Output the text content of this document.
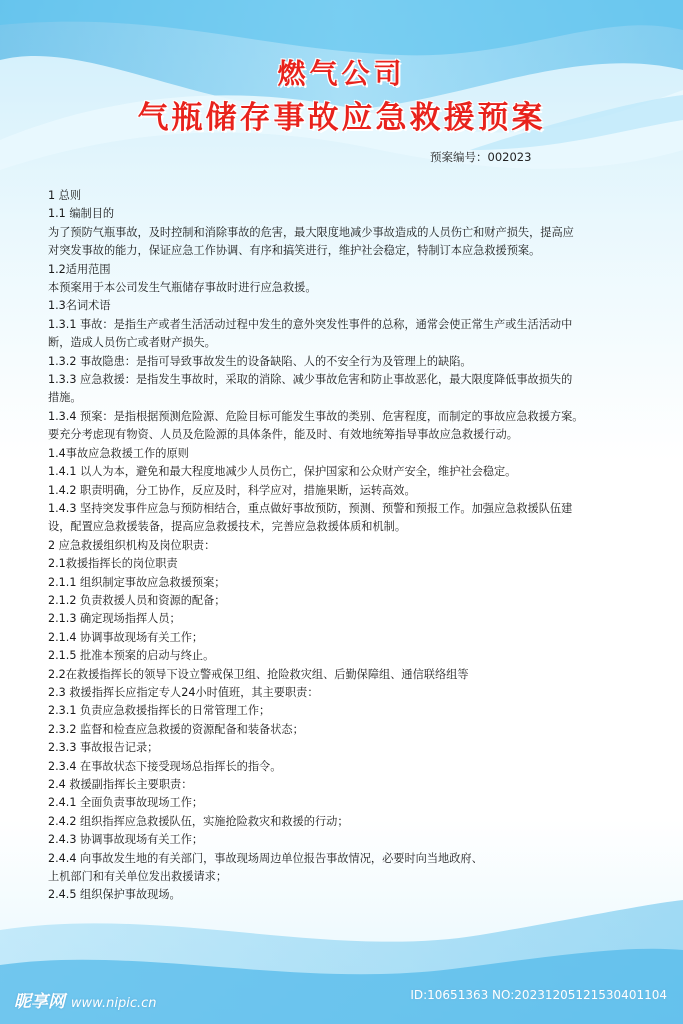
燃气公司
气瓶储存事故应急救援预案
预案编号：002023

1 总则

1.1 编制目的

为了预防气瓶事故，及时控制和消除事故的危害，最大限度地减少事故造成的人员伤亡和财产损失，提高应

对突发事故的能力，保证应急工作协调、有序和搞笑进行，维护社会稳定，特制订本应急救援预案。

1.2适用范围

本预案用于本公司发生气瓶储存事故时进行应急救援。

1.3名词术语

1.3.1 事故：是指生产或者生活活动过程中发生的意外突发性事件的总称，通常会使正常生产或生活活动中

断，造成人员伤亡或者财产损失。

1.3.2 事故隐患：是指可导致事故发生的设备缺陷、人的不安全行为及管理上的缺陷。

1.3.3 应急救援：是指发生事故时，采取的消除、减少事故危害和防止事故恶化，最大限度降低事故损失的

措施。

1.3.4 预案：是指根据预测危险源、危险目标可能发生事故的类别、危害程度，而制定的事故应急救援方案。

要充分考虑现有物资、人员及危险源的具体条件，能及时、有效地统筹指导事故应急救援行动。

1.4事故应急救援工作的原则

1.4.1 以人为本，避免和最大程度地减少人员伤亡，保护国家和公众财产安全，维护社会稳定。

1.4.2 职责明确，分工协作，反应及时，科学应对，措施果断，运转高效。

1.4.3 坚持突发事件应急与预防相结合，重点做好事故预防，预测、预警和预报工作。加强应急救援队伍建

设，配置应急救援装备，提高应急救援技术，完善应急救援体质和机制。

2 应急救援组织机构及岗位职责：

2.1救援指挥长的岗位职责

2.1.1 组织制定事故应急救援预案；

2.1.2 负责救援人员和资源的配备；

2.1.3 确定现场指挥人员；

2.1.4 协调事故现场有关工作；

2.1.5 批准本预案的启动与终止。

2.2在救援指挥长的领导下设立警戒保卫组、抢险救灾组、后勤保障组、通信联络组等

2.3 救援指挥长应指定专人24小时值班，其主要职责：

2.3.1 负责应急救援指挥长的日常管理工作；

2.3.2 监督和检查应急救援的资源配备和装备状态；

2.3.3 事故报告记录；

2.3.4 在事故状态下接受现场总指挥长的指令。

2.4 救援副指挥长主要职责：

2.4.1 全面负责事故现场工作；

2.4.2 组织指挥应急救援队伍，实施抢险救灾和救援的行动；

2.4.3 协调事故现场有关工作；

2.4.4 向事故发生地的有关部门，事故现场周边单位报告事故情况，必要时向当地政府、

上机部门和有关单位发出救援请求；

2.4.5 组织保护事故现场。

昵享网 www.nipic.cn
ID:10651363 NO:20231205121530401104
